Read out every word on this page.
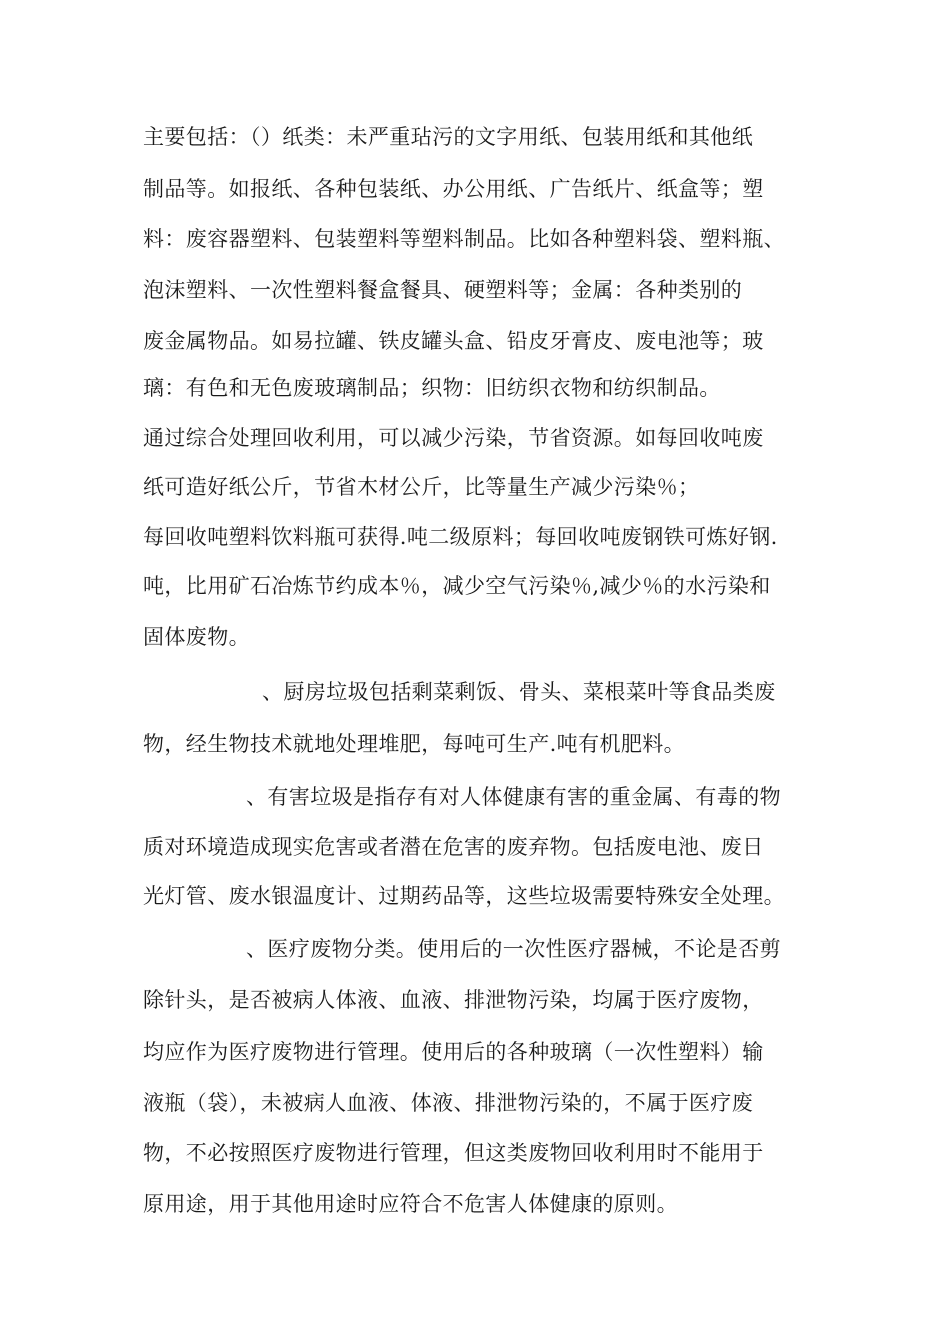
主要包括：（）纸类：未严重玷污的文字用纸、包装用纸和其他纸
制品等。如报纸、各种包装纸、办公用纸、广告纸片、纸盒等；塑
料：废容器塑料、包装塑料等塑料制品。比如各种塑料袋、塑料瓶、
泡沫塑料、一次性塑料餐盒餐具、硬塑料等；金属：各种类别的
废金属物品。如易拉罐、铁皮罐头盒、铅皮牙膏皮、废电池等；玻
璃：有色和无色废玻璃制品；织物：旧纺织衣物和纺织制品。
通过综合处理回收利用，可以减少污染，节省资源。如每回收吨废
纸可造好纸公斤，节省木材公斤，比等量生产减少污染％；
每回收吨塑料饮料瓶可获得.吨二级原料；每回收吨废钢铁可炼好钢.
吨，比用矿石冶炼节约成本％，减少空气污染％,减少％的水污染和
固体废物。
、厨房垃圾包括剩菜剩饭、骨头、菜根菜叶等食品类废
物，经生物技术就地处理堆肥，每吨可生产.吨有机肥料。
、有害垃圾是指存有对人体健康有害的重金属、有毒的物
质对环境造成现实危害或者潜在危害的废弃物。包括废电池、废日
光灯管、废水银温度计、过期药品等，这些垃圾需要特殊安全处理。
、医疗废物分类。使用后的一次性医疗器械，不论是否剪
除针头，是否被病人体液、血液、排泄物污染，均属于医疗废物，
均应作为医疗废物进行管理。使用后的各种玻璃（一次性塑料）输
液瓶（袋），未被病人血液、体液、排泄物污染的，不属于医疗废
物，不必按照医疗废物进行管理，但这类废物回收利用时不能用于
原用途，用于其他用途时应符合不危害人体健康的原则。
